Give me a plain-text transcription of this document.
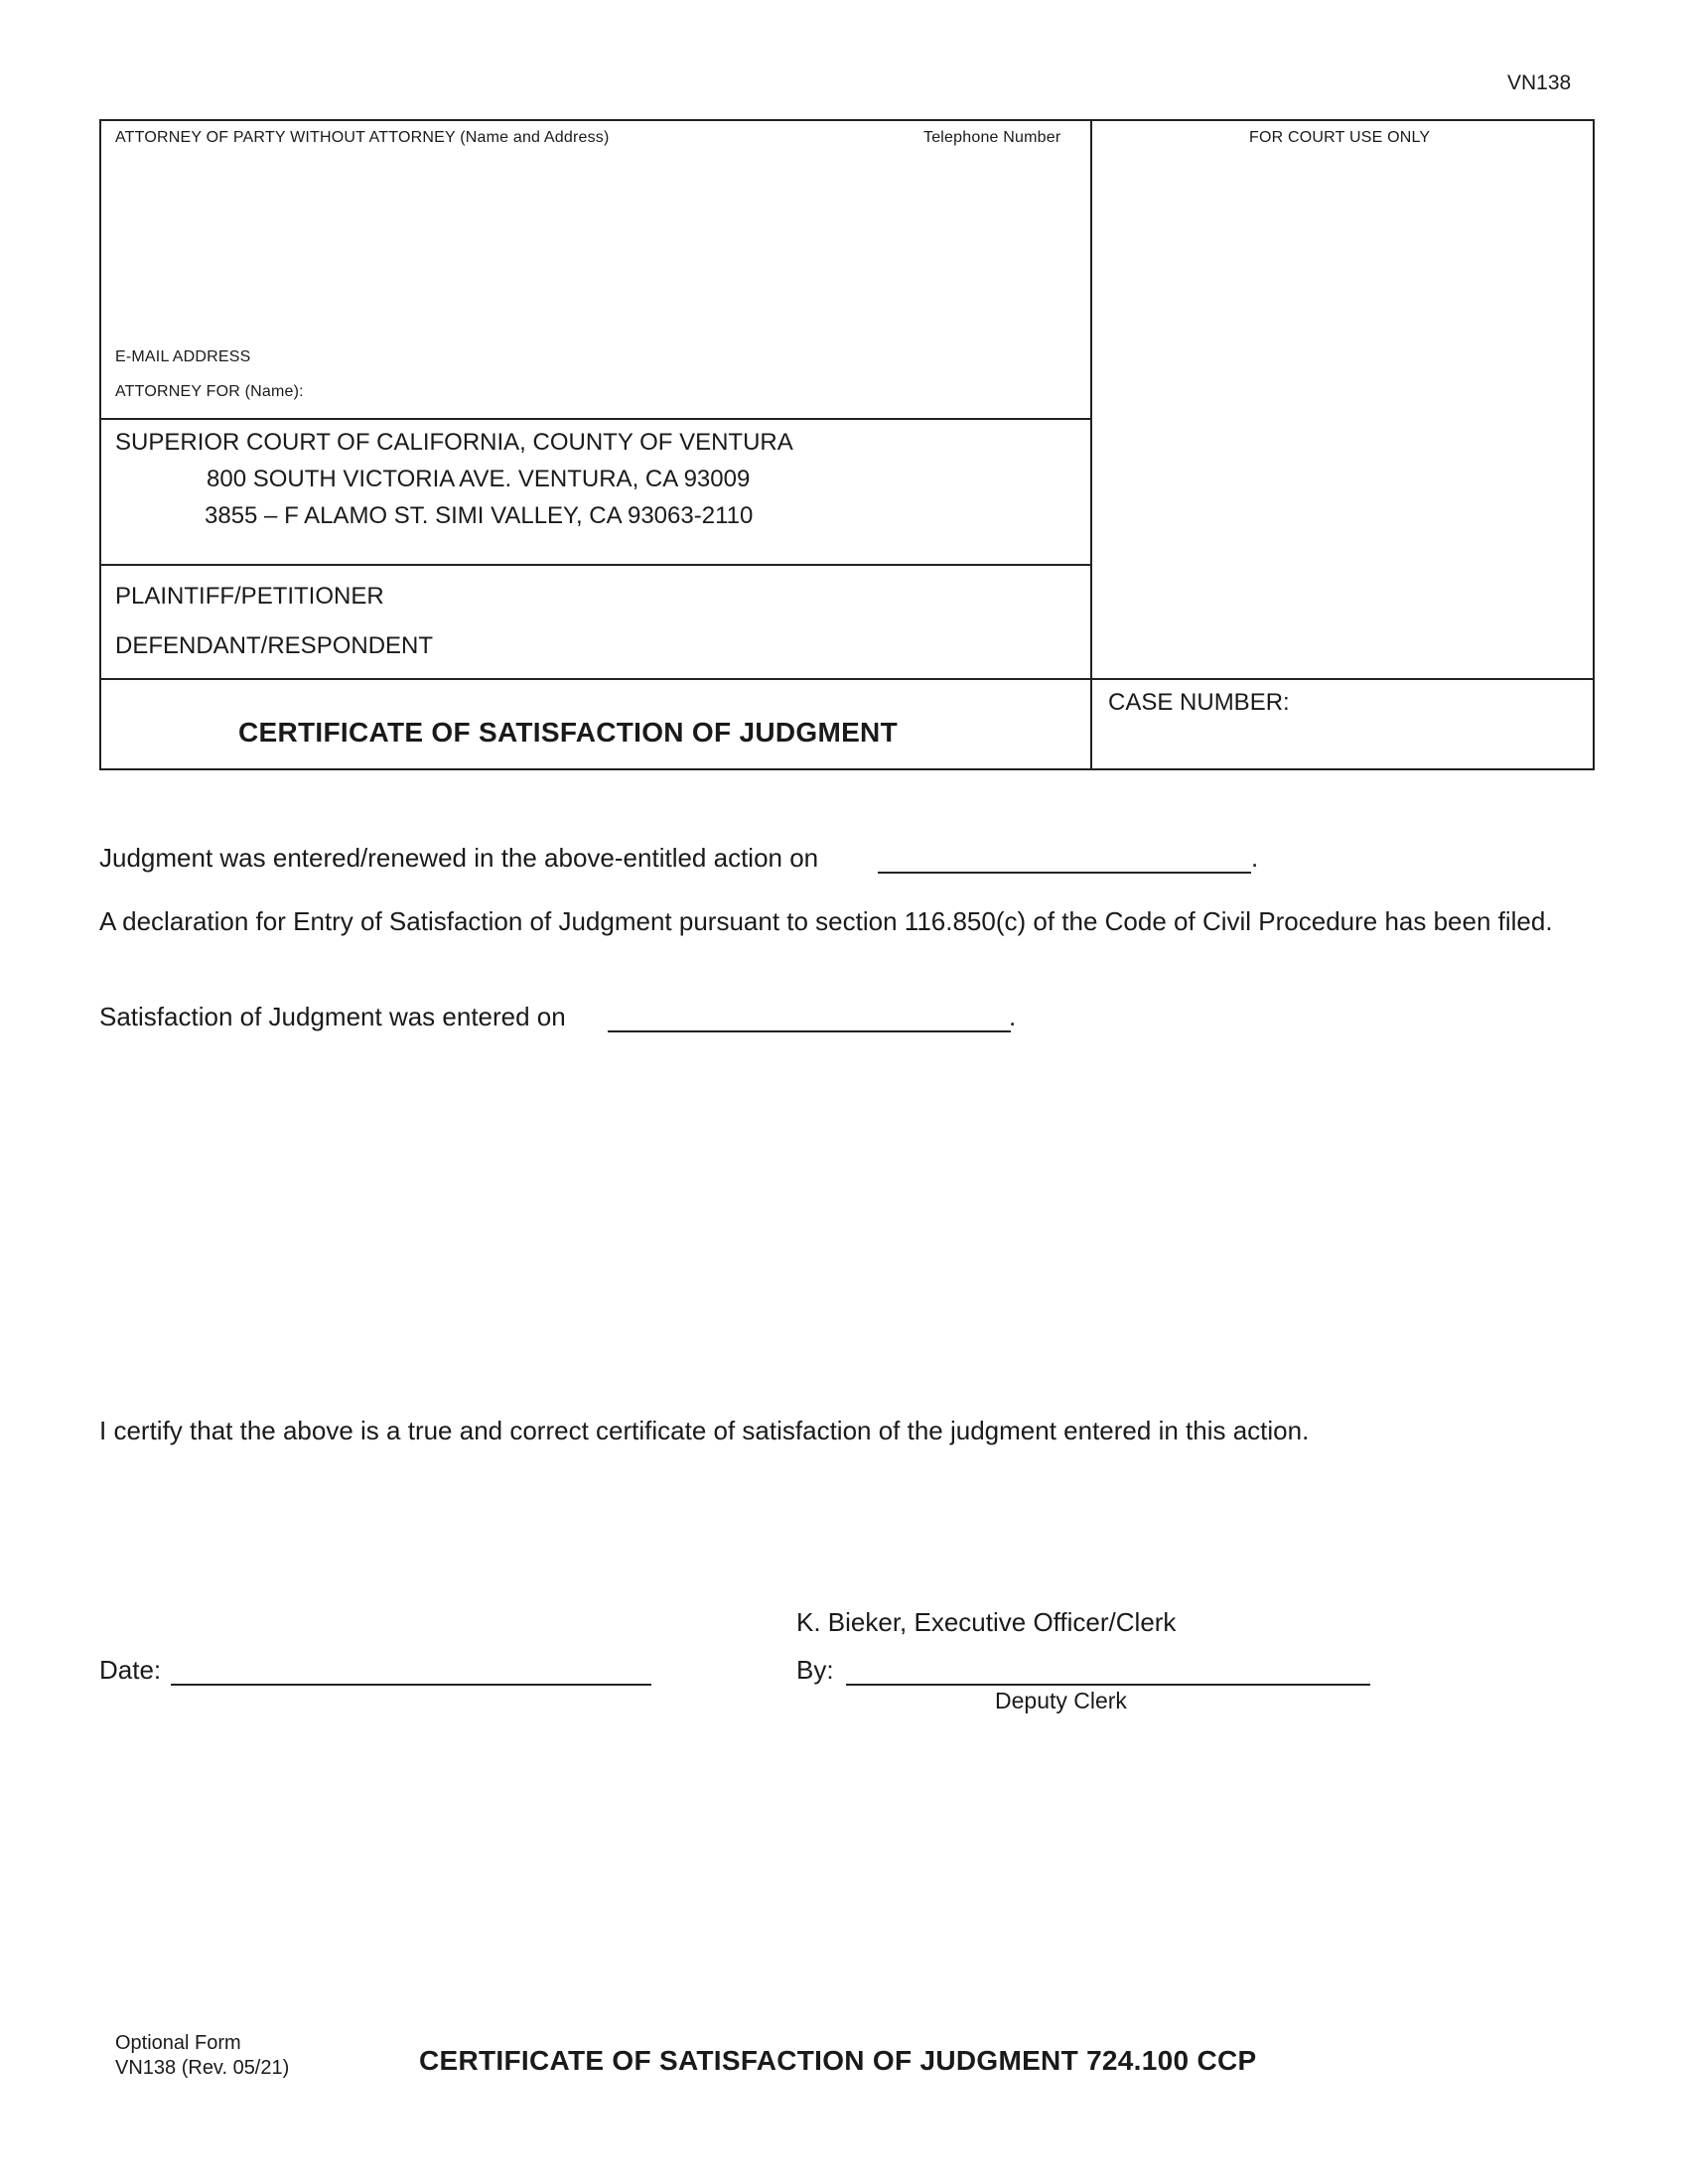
VN138
ATTORNEY OF PARTY WITHOUT ATTORNEY (Name and Address)	Telephone Number	FOR COURT USE ONLY
E-MAIL ADDRESS
ATTORNEY FOR (Name):
SUPERIOR COURT OF CALIFORNIA, COUNTY OF VENTURA
800 SOUTH VICTORIA AVE. VENTURA, CA 93009
3855 – F ALAMO ST. SIMI VALLEY, CA 93063-2110
PLAINTIFF/PETITIONER
DEFENDANT/RESPONDENT
CERTIFICATE OF SATISFACTION OF JUDGMENT
CASE NUMBER:
Judgment was entered/renewed in the above-entitled action on	.
A declaration for Entry of Satisfaction of Judgment pursuant to section 116.850(c) of the Code of Civil Procedure has been filed.
Satisfaction of Judgment was entered on	.
I certify that the above is a true and correct certificate of satisfaction of the judgment entered in this action.
K. Bieker, Executive Officer/Clerk
Date:	By:
Deputy Clerk
Optional Form
VN138 (Rev. 05/21)	CERTIFICATE OF SATISFACTION OF JUDGMENT 724.100 CCP
